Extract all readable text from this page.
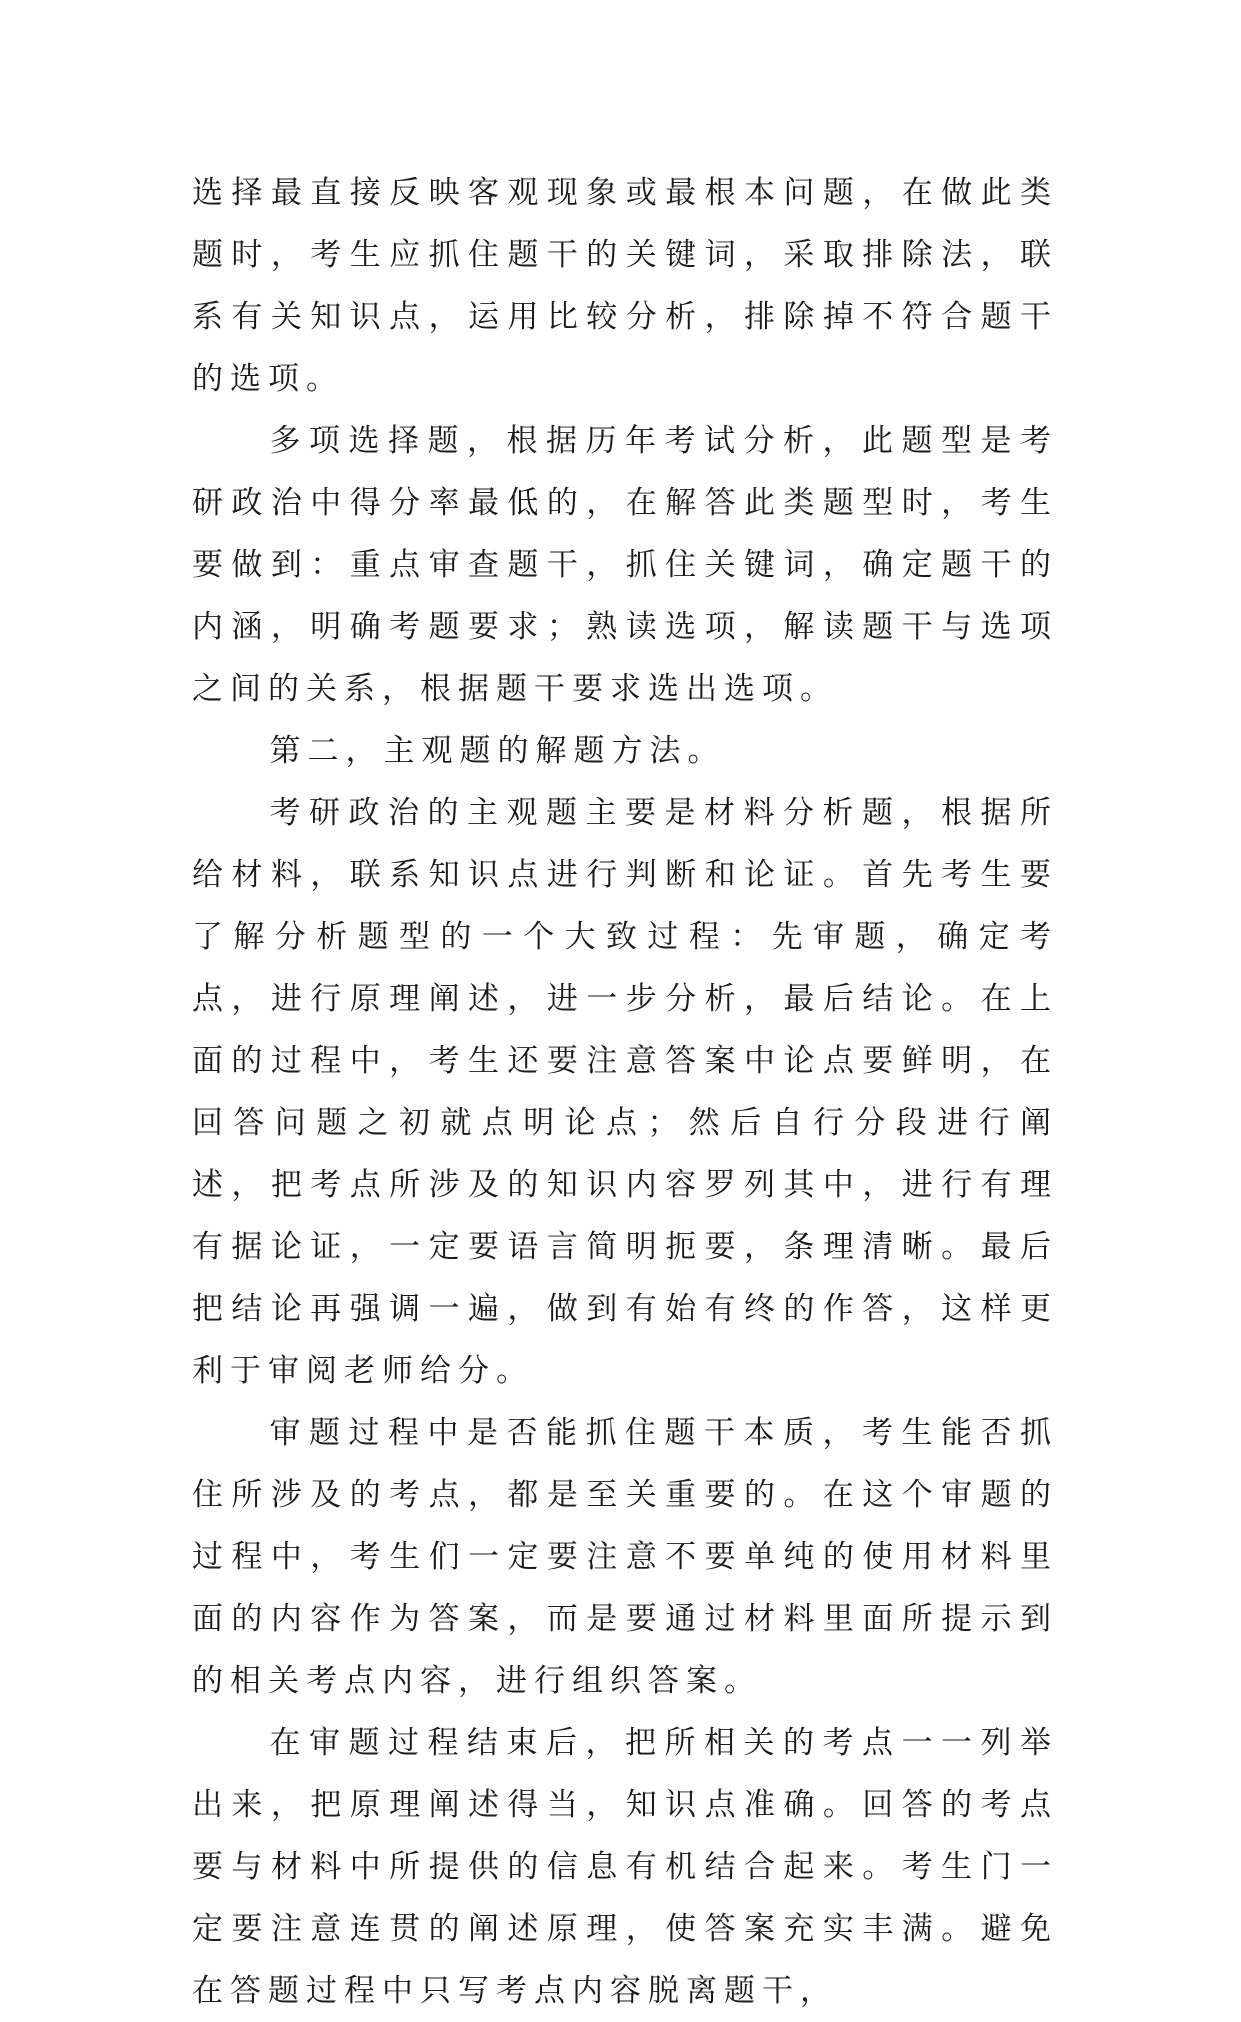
选择最直接反映客观现象或最根本问题，在做此类题时，考生应抓住题干的关键词，采取排除法，联系有关知识点，运用比较分析，排除掉不符合题干的选项。

多项选择题，根据历年考试分析，此题型是考研政治中得分率最低的，在解答此类题型时，考生要做到：重点审查题干，抓住关键词，确定题干的内涵，明确考题要求；熟读选项，解读题干与选项之间的关系，根据题干要求选出选项。

第二，主观题的解题方法。

考研政治的主观题主要是材料分析题，根据所给材料，联系知识点进行判断和论证。首先考生要了解分析题型的一个大致过程：先审题，确定考点，进行原理阐述，进一步分析，最后结论。在上面的过程中，考生还要注意答案中论点要鲜明，在回答问题之初就点明论点；然后自行分段进行阐述，把考点所涉及的知识内容罗列其中，进行有理有据论证，一定要语言简明扼要，条理清晰。最后把结论再强调一遍，做到有始有终的作答，这样更利于审阅老师给分。

审题过程中是否能抓住题干本质，考生能否抓住所涉及的考点，都是至关重要的。在这个审题的过程中，考生们一定要注意不要单纯的使用材料里面的内容作为答案，而是要通过材料里面所提示到的相关考点内容，进行组织答案。

在审题过程结束后，把所相关的考点一一列举出来，把原理阐述得当，知识点准确。回答的考点要与材料中所提供的信息有机结合起来。考生门一定要注意连贯的阐述原理，使答案充实丰满。避免在答题过程中只写考点内容脱离题干，
